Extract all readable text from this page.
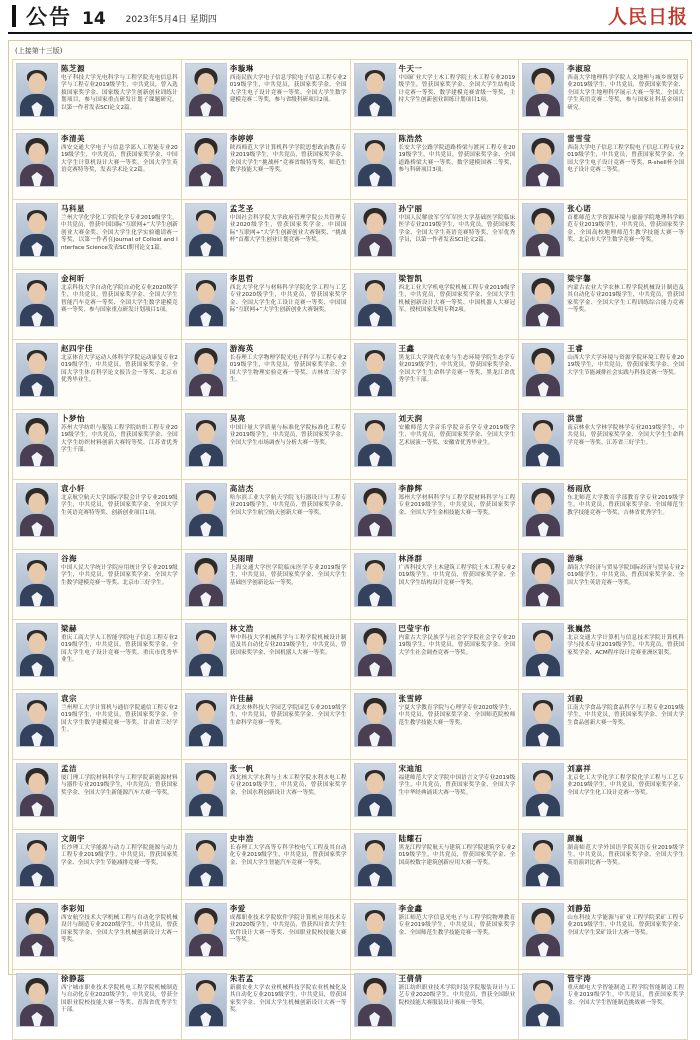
公告 14 2023年5月4日 星期四	人民日报
(上接第十三版)
陈芝源
电子科技大学光电科学与工程学院光电信息科学与工程专业2019级学生，中共党员，曾入选拔国家奖学金、国家级大学生创新创业训练计划项目，参与国家重点研发计划子课题研究，以第一作者发表SCI论文2篇。
李璇琳
西南民族大学电子信息学院电子信息工程专业2019级学生，中共党员，获国家奖学金、全国大学生电子设计竞赛一等奖、全国大学生数学建模竞赛二等奖，参与省级科研项目2项。
牛天一
中国矿业大学土木工程学院土木工程专业2019级学生，曾获国家奖学金、全国大学生结构设计竞赛一等奖、数学建模竞赛省级一等奖，主持大学生创新创业训练计划项目1项。
李淑琼
西南大学地理科学学院人文地理与城乡规划专业2019级学生，中共党员，曾获国家奖学金、全国大学生地理科学展示大赛一等奖、全国大学生英语竞赛二等奖，参与国家社科基金项目研究。
李清美
西安交通大学电子与信息学部人工智能专业2019级学生，中共党员，曾获国家奖学金、中国大学生计算机设计大赛一等奖、全国大学生英语竞赛特等奖，发表学术论文2篇。
李婷婷
陕西师范大学计算机科学学院思想政治教育专业2019级学生，中共党员，曾获国家奖学金、全国大学生“挑战杯”竞赛省级特等奖、师范生教学技能大赛一等奖。
陈浩然
长安大学公路学院道路桥梁与渡河工程专业2019级学生，中共党员，曾获国家奖学金、全国道路桥梁大赛一等奖、数学建模国赛二等奖，参与科研项目3项。
雷雪莹
西南大学电子信息工程学院电子信息工程专业2019级学生，中共党员，曾获国家奖学金、全国大学生电子设计竞赛一等奖、R-shell杯全国电子设计竞赛二等奖。
马科星
兰州大学化学化工学院化学专业2019级学生，中共党员，曾获中国国际“互联网+”大学生创新创业大赛金奖、全国大学生化学实验邀请赛一等奖，以第一作者在Journal of Colloid and Interface Science发表SCI期刊论文1篇。
孟芝圣
中国社会科学院大学政府管理学院公共管理专业2020级学生，曾获国家奖学金、中国国际“互联网+”大学生创新创业大赛铜奖、“挑战杯”首都大学生创业计划竞赛一等奖。
孙宁丽
中国人民解放军空军军医大学基础医学院临床医学专业2019级学生，中共党员，曾获国家奖学金、全国大学生英语竞赛特等奖、全军优秀学员，以第一作者发表SCI论文2篇。
张心诺
首都师范大学资源环境与旅游学院地理科学师范专业2019级学生，中共党员，曾获国家奖学金、全国高校地理师范生教学技能大赛一等奖、北京市大学生数学竞赛一等奖。
金柯昕
北京科技大学自动化学院自动化专业2020级学生，中共党员，曾获国家奖学金、全国大学生智能汽车竞赛一等奖、全国大学生数学建模竞赛一等奖，参与国家重点研发计划项目1项。
李思哲
西北大学化学与材料科学学院化学工程与工艺专业2020级学生，中共党员，曾获国家奖学金、全国大学生化工设计竞赛一等奖、中国国际“互联网+”大学生创新创业大赛铜奖。
梁智凯
西北工业大学机电学院机械工程专业2019级学生，中共党员，曾获国家奖学金、全国大学生机械创新设计大赛一等奖、中国机器人大赛冠军，授权国家发明专利2项。
梁宇馨
内蒙古农业大学农林工程学院机械设计制造及其自动化专业2019级学生，中共党员，曾获国家奖学金、全国大学生工程训练综合能力竞赛一等奖。
赵四宇佳
北京体育大学运动人体科学学院运动康复专业2019级学生，中共党员，曾获国家奖学金、全国大学生体育科学论文报告会一等奖、北京市优秀毕业生。
游海英
长春理工大学物理学院光电子科学与工程专业2019级学生，中共党员，曾获国家奖学金、全国大学生物理实验竞赛一等奖、吉林省三好学生。
王鑫
黑龙江大学现代农业与生态环境学院生态学专业2019级学生，中共党员，曾获国家奖学金、全国大学生生命科学竞赛一等奖、黑龙江省优秀学生干部。
王睿
山西大学大学环境与资源学院环境工程专业2019级学生，中共党员，曾获国家奖学金、全国大学生节能减排社会实践与科技竞赛一等奖。
卜梦怡
苏州大学纺织与服装工程学院纺织工程专业2019级学生，中共党员，曾获国家奖学金、全国大学生纺织材料创新大赛特等奖、江苏省优秀学生干部。
吴亮
中国计量大学质量与标准化学院标准化工程专业2019级学生，中共党员，曾获国家奖学金、全国大学生市场调查与分析大赛一等奖。
刘天润
安徽师范大学音乐学院音乐学专业2019级学生，中共党员，曾获国家奖学金、全国大学生艺术展演一等奖、安徽省优秀毕业生。
洪雷
南京林业大学林学院林学专业2019级学生，中共党员，曾获国家奖学金、全国大学生生命科学竞赛一等奖、江苏省三好学生。
袁小轩
北京航空航天大学国际学院会计学专业2019级学生，中共党员，曾获国家奖学金、全国大学生英语竞赛特等奖、创新创业项目1项。
高洁杰
哈尔滨工业大学航天学院飞行器设计与工程专业2019级学生，中共党员，曾获国家奖学金、全国大学生航空航天创新大赛一等奖。
李静辉
郑州大学材料科学与工程学院材料科学与工程专业2019级学生，中共党员，曾获国家奖学金、全国大学生金相技能大赛一等奖。
杨雨欣
东北师范大学教育学部教育学专业2019级学生，中共党员，曾获国家奖学金、全国师范生教学技能竞赛一等奖、吉林省优秀学生。
谷海
中国人民大学统计学院应用统计学专业2019级学生，中共党员，曾获国家奖学金、全国大学生数学建模竞赛一等奖、北京市三好学生。
吴雨晴
上海交通大学医学院临床医学专业2019级学生，中共党员，曾获国家奖学金、全国大学生基础医学创新论坛一等奖。
林泽群
广西科技大学土木建筑工程学院土木工程专业2019级学生，中共党员，曾获国家奖学金、全国大学生结构设计竞赛一等奖。
游琳
湖南大学经济与贸易学院国际经济与贸易专业2019级学生，中共党员，曾获国家奖学金、全国大学生英语竞赛一等奖。
梁赫
重庆工商大学人工智能学院电子信息工程专业2019级学生，中共党员，曾获国家奖学金、全国大学生电子设计竞赛一等奖、重庆市优秀毕业生。
林文浩
华中科技大学机械科学与工程学院机械设计制造及其自动化专业2019级学生，中共党员，曾获国家奖学金、全国机器人大赛一等奖。
巴莹宇布
内蒙古大学民族学与社会学学院社会学专业2019级学生，中共党员，曾获国家奖学金、全国大学生社会调查竞赛一等奖。
张巍然
北京交通大学计算机与信息技术学院计算机科学与技术专业2019级学生，中共党员，曾获国家奖学金、ACM程序设计竞赛亚洲区银奖。
袁宗
兰州理工大学计算机与通信学院通信工程专业2019级学生，中共党员，曾获国家奖学金、全国大学生数学建模竞赛一等奖、甘肃省三好学生。
许佳赫
西北农林科技大学园艺学院园艺专业2019级学生，中共党员，曾获国家奖学金、全国大学生生命科学竞赛一等奖。
张雪婷
宁夏大学教育学院与心理学专业2020级学生，中共党员，曾获国家奖学金、全国师范院校师范生教学技能大赛一等奖。
刘毅
江南大学食品学院食品科学与工程专业2019级学生，中共党员，曾获国家奖学金、全国大学生食品创新大赛一等奖。
孟洁
厦门理工学院材料科学与工程学院新能源材料与器件专业2019级学生，中共党员，曾获国家奖学金、全国大学生新能源汽车大赛一等奖。
张一帆
西北核大学水利与土木工程学院水利水电工程专业2019级学生，中共党员，曾获国家奖学金、全国水利创新设计大赛一等奖。
宋迪旭
福建师范大学文学院中国语言文学专业2019级学生，中共党员，曾获国家奖学金、全国大学生中华经典诵读大赛一等奖。
刘嘉祥
北京化工大学化学工程学院化学工程与工艺专业2019级学生，中共党员，曾获国家奖学金、全国大学生化工设计竞赛一等奖。
文朗宇
长沙理工大学能源与动力工程学院能源与动力工程专业2019级学生，中共党员，曾获国家奖学金、全国大学生节能减排竞赛一等奖。
史申浩
长春理工大学高等专科学校电气工程及其自动化专业2019级学生，中共党员，曾获国家奖学金、全国大学生智能汽车竞赛一等奖。
陆耀石
黑龙江程学院航天与建筑工程学院建筑学专业2019级学生，中共党员，曾获国家奖学金、全国高校数字建筑创新应用大赛一等奖。
颜巍
湖南师范大学外国语学院英语专业2019级学生，中共党员，曾获国家奖学金、全国大学生英语演讲比赛一等奖。
李彩知
西安航空技术大学机械工程与自动化学院机械设计与制造专业2020级学生，中共党员，曾获国家奖学金、全国大学生机械创新设计大赛一等奖。
李爱
成都职业技术学院软件学院计算机应用技术专业2020级学生，中共党员，曾获四川省大学生软件设计大赛一等奖、全国职业院校技能大赛一等奖。
李金鑫
浙江师范大学信息光电子与工程学院物理教育专业2019级学生，中共党员，曾获国家奖学金、全国师范生教学技能竞赛一等奖。
刘静茹
山东科技大学能源与矿业工程学院采矿工程专业2019级学生，中共党员，曾获国家奖学金、全国大学生采矿设计大赛一等奖。
徐静蕊
西宁城市职业技术学院机电工程学院机械制造与自动化专业2020级学生，中共党员，曾获全国职业院校技能大赛一等奖、青海省优秀学生干部。
朱若孟
新疆农业大学农业机械科技学院农业机械化及其自动化专业2019级学生，中共党员，曾获国家奖学金、全国大学生机械创新设计大赛一等奖。
王倩倩
浙江纺织职业技术学院时装学院服装设计与工艺专业2020级学生，中共党员，曾获全国职业院校技能大赛服装设计赛项一等奖。
管宇涛
重庆邮电大学智能制造工程学院智能制造工程专业2019级学生，中共党员，曾获国家奖学金、全国大学生智能制造挑战赛一等奖。
